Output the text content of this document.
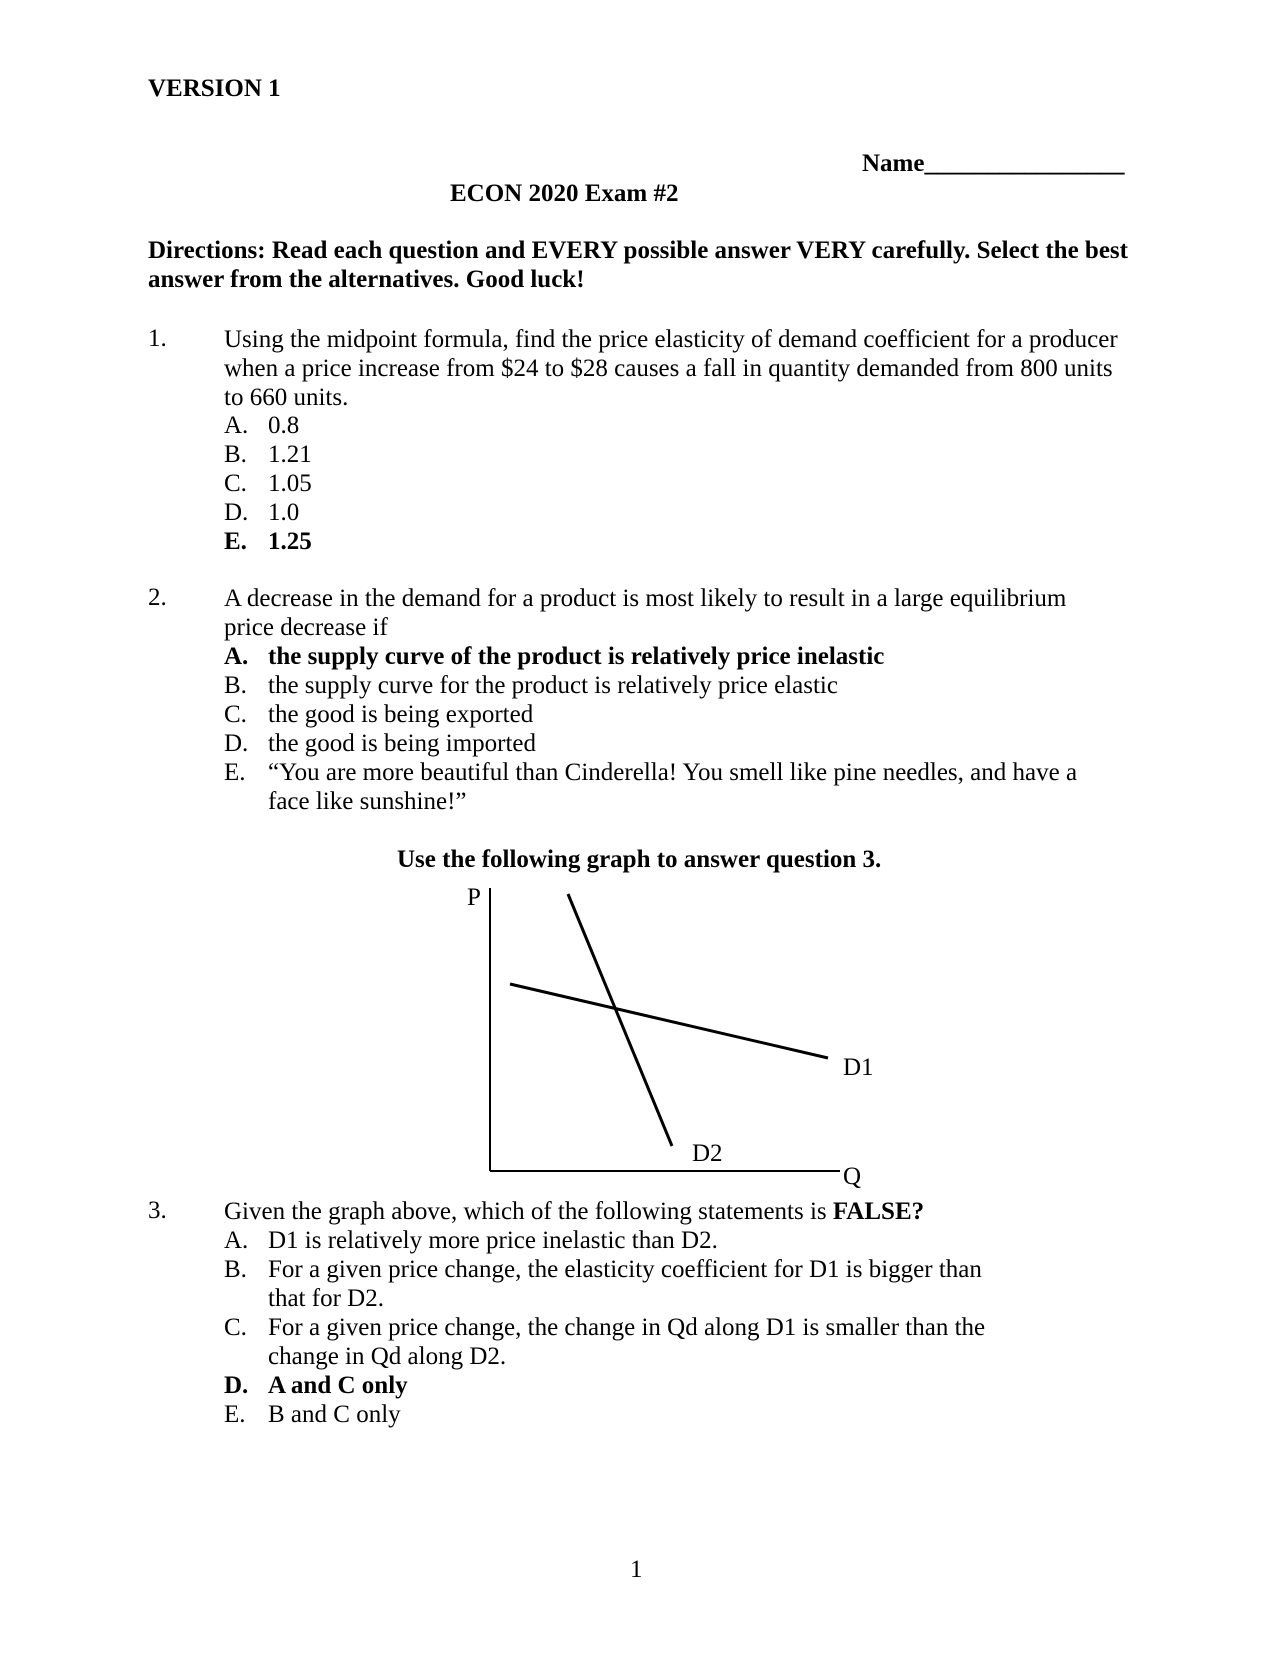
VERSION 1
Name________________
ECON 2020 Exam #2
Directions: Read each question and EVERY possible answer VERY carefully. Select the best answer from the alternatives. Good luck!
1. Using the midpoint formula, find the price elasticity of demand coefficient for a producer when a price increase from $24 to $28 causes a fall in quantity demanded from 800 units to 660 units.
A. 0.8
B. 1.21
C. 1.05
D. 1.0
E. 1.25
2. A decrease in the demand for a product is most likely to result in a large equilibrium price decrease if
A. the supply curve of the product is relatively price inelastic
B. the supply curve for the product is relatively price elastic
C. the good is being exported
D. the good is being imported
E. “You are more beautiful than Cinderella! You smell like pine needles, and have a face like sunshine!”
Use the following graph to answer question 3.
P
Q
D1
D2
3. Given the graph above, which of the following statements is FALSE?
A. D1 is relatively more price inelastic than D2.
B. For a given price change, the elasticity coefficient for D1 is bigger than that for D2.
C. For a given price change, the change in Qd along D1 is smaller than the change in Qd along D2.
D. A and C only
E. B and C only
1
